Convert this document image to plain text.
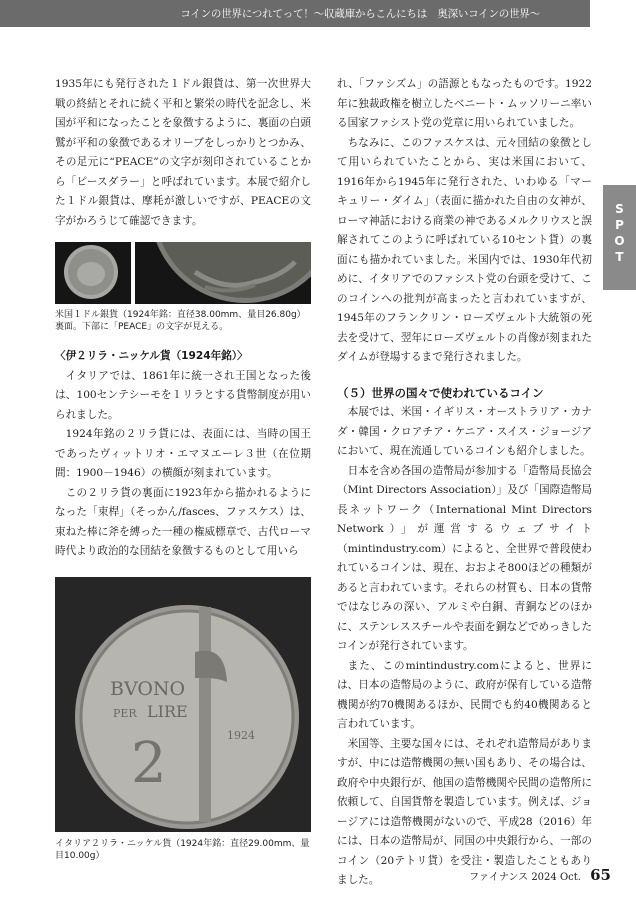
コインの世界につれてって！～収蔵庫からこんにちは　奥深いコインの世界～
S
P
O
T

1935年にも発行された１ドル銀貨は、第一次世界大戦の終結とそれに続く平和と繁栄の時代を記念し、米国が平和になったことを象徴するように、裏面の白頭鷲が平和の象徴であるオリーブをしっかりとつかみ、その足元に“PEACE”の文字が刻印されていることから「ピースダラー」と呼ばれています。本展で紹介した１ドル銀貨は、摩耗が激しいですが、PEACEの文字がかろうじて確認できます。

米国１ドル銀貨（1924年銘：直径38.00mm、量目26.80g）裏面。下部に「PEACE」の文字が見える。

〈伊２リラ・ニッケル貨（1924年銘）〉

イタリアでは、1861年に統一され王国となった後は、100センテシーモを１リラとする貨幣制度が用いられました。

1924年銘の２リラ貨には、表面には、当時の国王であったヴィットリオ・エマヌエーレ３世（在位期間：1900－1946）の横顔が刻まれています。

この２リラ貨の裏面に1923年から描かれるようになった「束桿」（そっかん/fasces、ファスケス）は、束ねた棒に斧を縛った一種の権威標章で、古代ローマ時代より政治的な団結を象徴するものとして用いら

BVONO
PER LIRE
2	1924
イタリア２リラ・ニッケル貨（1924年銘：直径29.00mm、量目10.00g）

れ、「ファシズム」の語源ともなったものです。1922年に独裁政権を樹立したベニート・ムッソリーニ率いる国家ファシスト党の党章に用いられていました。

ちなみに、このファスケスは、元々団結の象徴として用いられていたことから、実は米国において、1916年から1945年に発行された、いわゆる「マーキュリー・ダイム」（表面に描かれた自由の女神が、ローマ神話における商業の神であるメルクリウスと誤解されてこのように呼ばれている10セント貨）の裏面にも描かれていました。米国内では、1930年代初めに、イタリアでのファシスト党の台頭を受けて、このコインへの批判が高まったと言われていますが、1945年のフランクリン・ローズヴェルト大統領の死去を受けて、翌年にローズヴェルトの肖像が刻まれたダイムが登場するまで発行されました。

（５）世界の国々で使われているコイン

本展では、米国・イギリス・オーストラリア・カナダ・韓国・クロアチア・ケニア・スイス・ジョージアにおいて、現在流通しているコインも紹介しました。

日本を含め各国の造幣局が参加する「造幣局長協会（Mint Directors Association）」及び「国際造幣局長ネットワーク（International Mint Directors Network）」が運営するウェブサイト（mintindustry.com）によると、全世界で普段使われているコインは、現在、おおよそ800ほどの種類があると言われています。それらの材質も、日本の貨幣ではなじみの深い、アルミや白銅、青銅などのほかに、ステンレススチールや表面を銅などでめっきしたコインが発行されています。

また、このmintindustry.comによると、世界には、日本の造幣局のように、政府が保有している造幣機関が約70機関あるほか、民間でも約40機関あると言われています。

米国等、主要な国々には、それぞれ造幣局がありますが、中には造幣機関の無い国もあり、その場合は、政府や中央銀行が、他国の造幣機関や民間の造幣所に依頼して、自国貨幣を製造しています。例えば、ジョージアには造幣機関がないので、平成28（2016）年には、日本の造幣局が、同国の中央銀行から、一部のコイン（20テトリ貨）を受注・製造したこともありました。	ファイナンス 2024 Oct. 65
